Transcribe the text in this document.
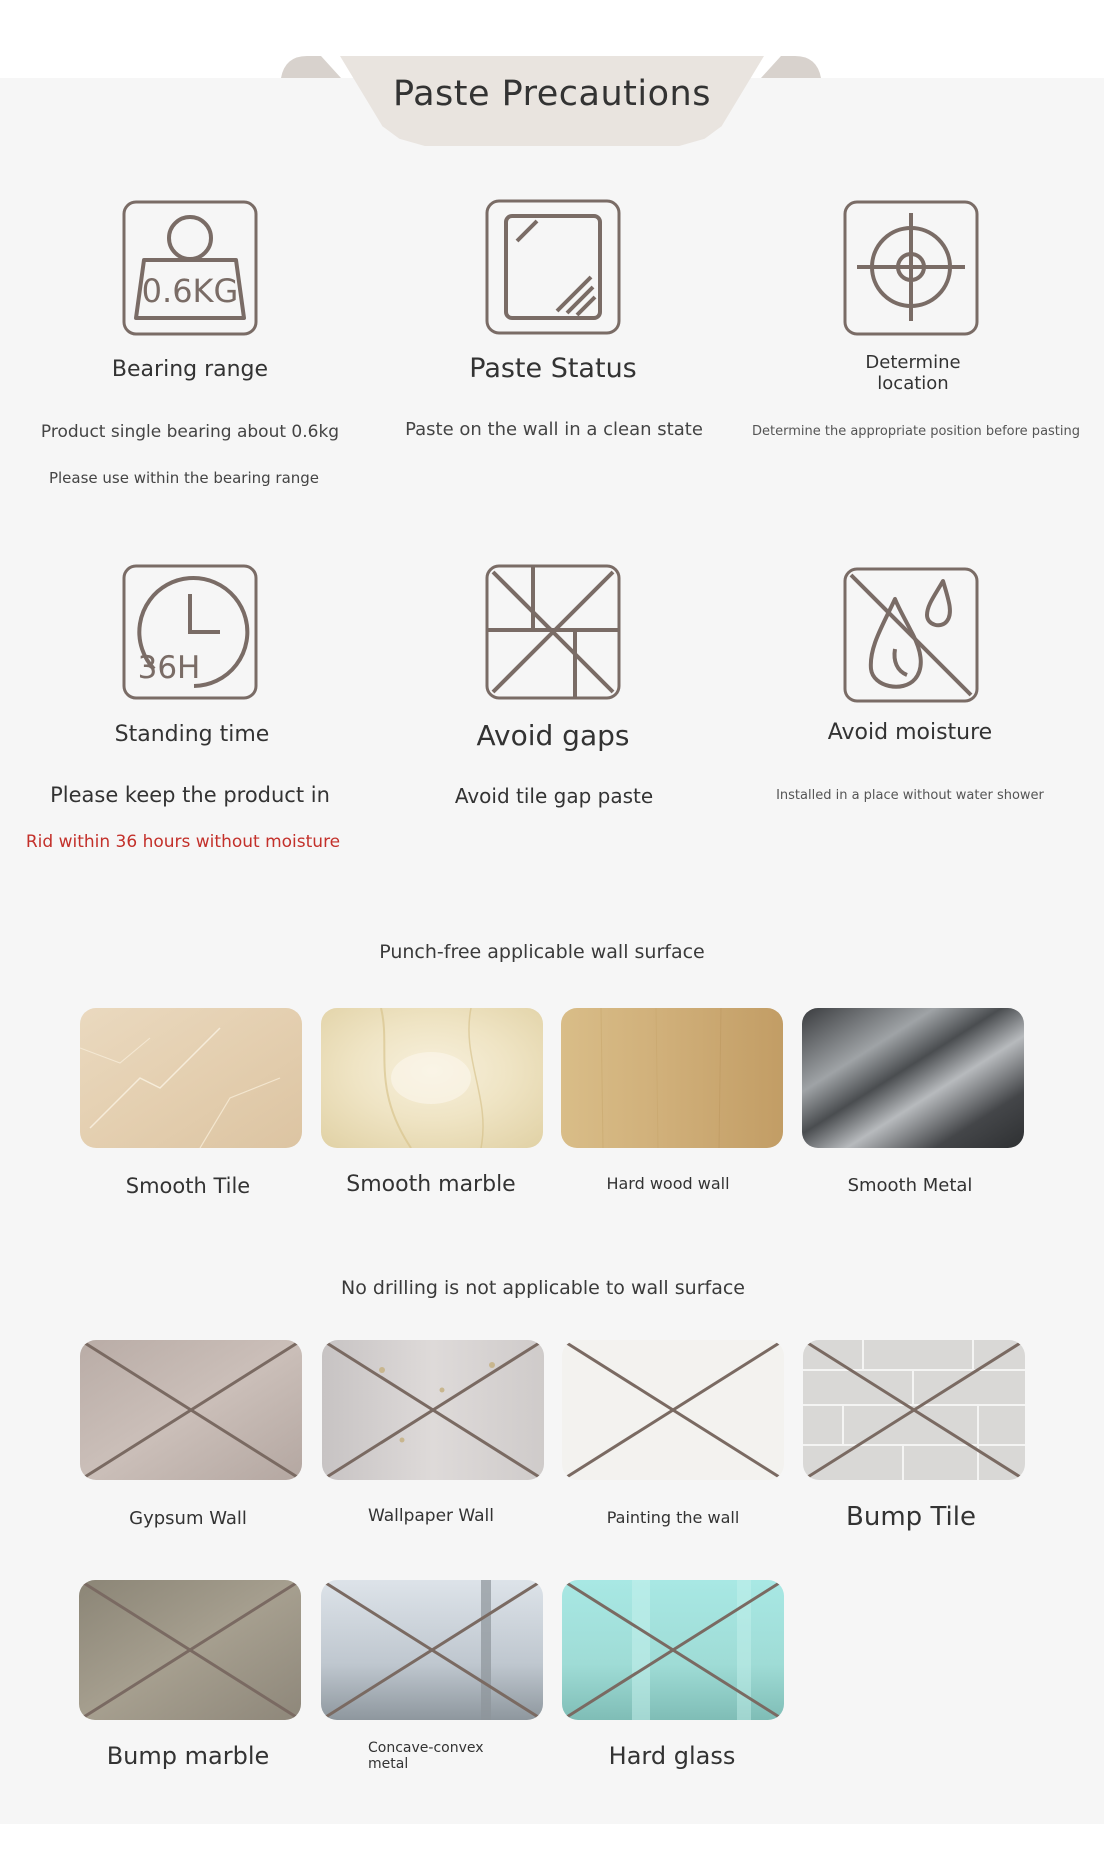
Paste Precautions
0.6KG
Bearing range
Product single bearing about 0.6kg
Please use within the bearing range
Paste Status
Paste on the wall in a clean state
Determine
location
Determine the appropriate position before pasting
36H
Standing time
Please keep the product in
Rid within 36 hours without moisture
Avoid gaps
Avoid tile gap paste
Avoid moisture
Installed in a place without water shower
Punch-free applicable wall surface
Smooth Tile	Smooth marble	Hard wood wall	Smooth Metal
No drilling is not applicable to wall surface
Gypsum Wall	Wallpaper Wall	Painting the wall	Bump Tile
Bump marble	Concave-convex
metal	Hard glass
